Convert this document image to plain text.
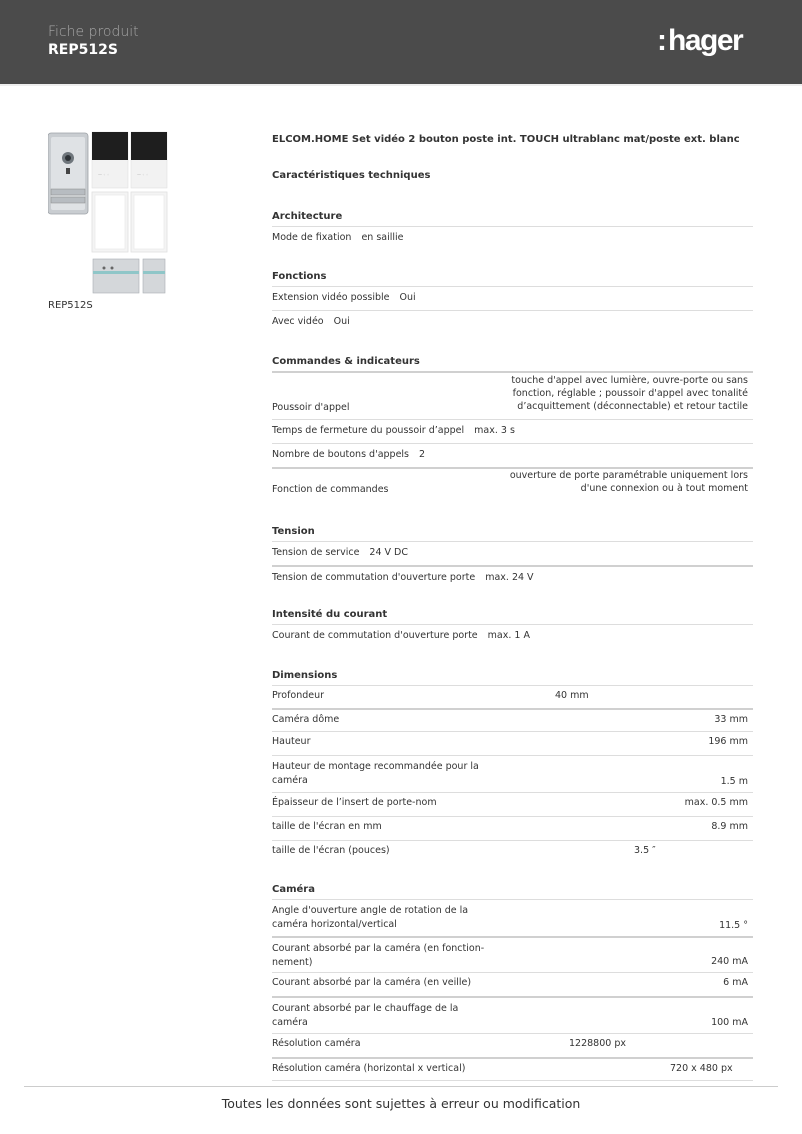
Fiche produit
REP512S	:hager
— ◦ ◦	— ◦ ◦
REP512S
ELCOM.HOME Set vidéo 2 bouton poste int. TOUCH ultrablanc mat/poste ext. blanc
Caractéristiques techniques
Architecture
Mode de fixation en saillie
Fonctions
Extension vidéo possible Oui
Avec vidéo Oui
Commandes & indicateurs
Poussoir d'appel
touche d'appel avec lumière, ouvre-porte ou sans
fonction, réglable ; poussoir d'appel avec tonalité
d’acquittement (déconnectable) et retour tactile
Temps de fermeture du poussoir d’appel max. 3 s
Nombre de boutons d'appels 2
Fonction de commandes
ouverture de porte paramétrable uniquement lors
d'une connexion ou à tout moment
Tension
Tension de service 24 V DC
Tension de commutation d'ouverture porte max. 24 V
Intensité du courant
Courant de commutation d'ouverture porte max. 1 A
Dimensions
Profondeur	40 mm
Caméra dôme	33 mm
Hauteur	196 mm
Hauteur de montage recommandée pour la
caméra	1.5 m
Épaisseur de l’insert de porte-nom	max. 0.5 mm
taille de l'écran en mm	8.9 mm
taille de l'écran (pouces)	3.5 ″
Caméra
Angle d'ouverture angle de rotation de la
caméra horizontal/vertical	11.5 °
Courant absorbé par la caméra (en fonction-
nement)	240 mA
Courant absorbé par la caméra (en veille)	6 mA
Courant absorbé par le chauffage de la
caméra	100 mA
Résolution caméra	1228800 px
Résolution caméra (horizontal x vertical)	720 x 480 px
Toutes les données sont sujettes à erreur ou modification
